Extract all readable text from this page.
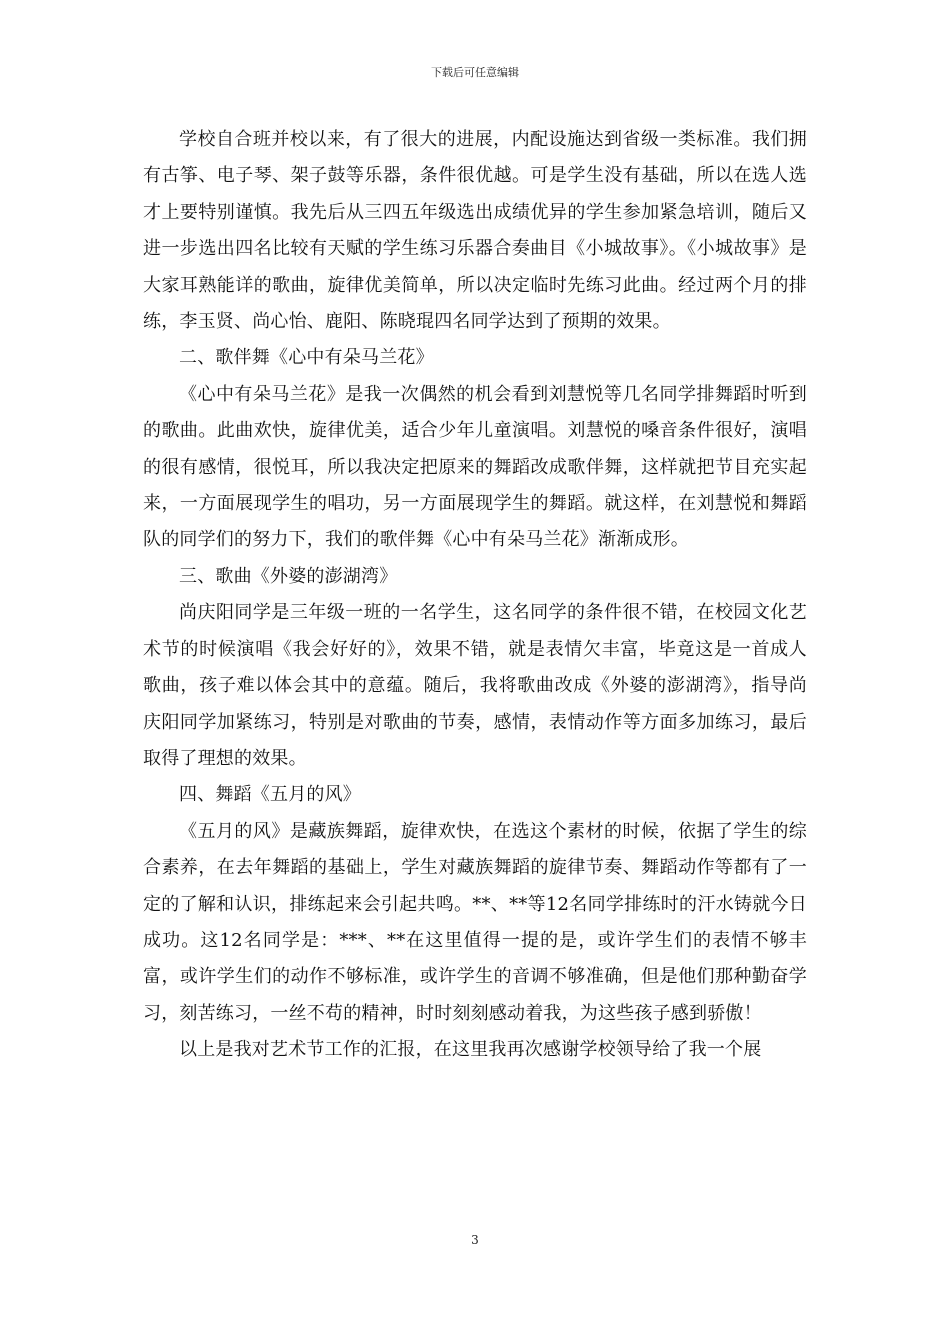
下载后可任意编辑

学校自合班并校以来，有了很大的进展，内配设施达到省级一类标准。我们拥有古筝、电子琴、架子鼓等乐器，条件很优越。可是学生没有基础，所以在选人选才上要特别谨慎。我先后从三四五年级选出成绩优异的学生参加紧急培训，随后又进一步选出四名比较有天赋的学生练习乐器合奏曲目《小城故事》。《小城故事》是大家耳熟能详的歌曲，旋律优美简单，所以决定临时先练习此曲。经过两个月的排练，李玉贤、尚心怡、鹿阳、陈晓琨四名同学达到了预期的效果。

二、歌伴舞《心中有朵马兰花》

《心中有朵马兰花》是我一次偶然的机会看到刘慧悦等几名同学排舞蹈时听到的歌曲。此曲欢快，旋律优美，适合少年儿童演唱。刘慧悦的嗓音条件很好，演唱的很有感情，很悦耳，所以我决定把原来的舞蹈改成歌伴舞，这样就把节目充实起来，一方面展现学生的唱功，另一方面展现学生的舞蹈。就这样，在刘慧悦和舞蹈队的同学们的努力下，我们的歌伴舞《心中有朵马兰花》渐渐成形。

三、歌曲《外婆的澎湖湾》

尚庆阳同学是三年级一班的一名学生，这名同学的条件很不错，在校园文化艺术节的时候演唱《我会好好的》，效果不错，就是表情欠丰富，毕竟这是一首成人歌曲，孩子难以体会其中的意蕴。随后，我将歌曲改成《外婆的澎湖湾》，指导尚庆阳同学加紧练习，特别是对歌曲的节奏，感情，表情动作等方面多加练习，最后取得了理想的效果。

四、舞蹈《五月的风》

《五月的风》是藏族舞蹈，旋律欢快，在选这个素材的时候，依据了学生的综合素养，在去年舞蹈的基础上，学生对藏族舞蹈的旋律节奏、舞蹈动作等都有了一定的了解和认识，排练起来会引起共鸣。**、**等12名同学排练时的汗水铸就今日成功。这12名同学是：***、**在这里值得一提的是，或许学生们的表情不够丰富，或许学生们的动作不够标准，或许学生的音调不够准确，但是他们那种勤奋学习，刻苦练习，一丝不苟的精神，时时刻刻感动着我，为这些孩子感到骄傲！

以上是我对艺术节工作的汇报，在这里我再次感谢学校领导给了我一个展

3
